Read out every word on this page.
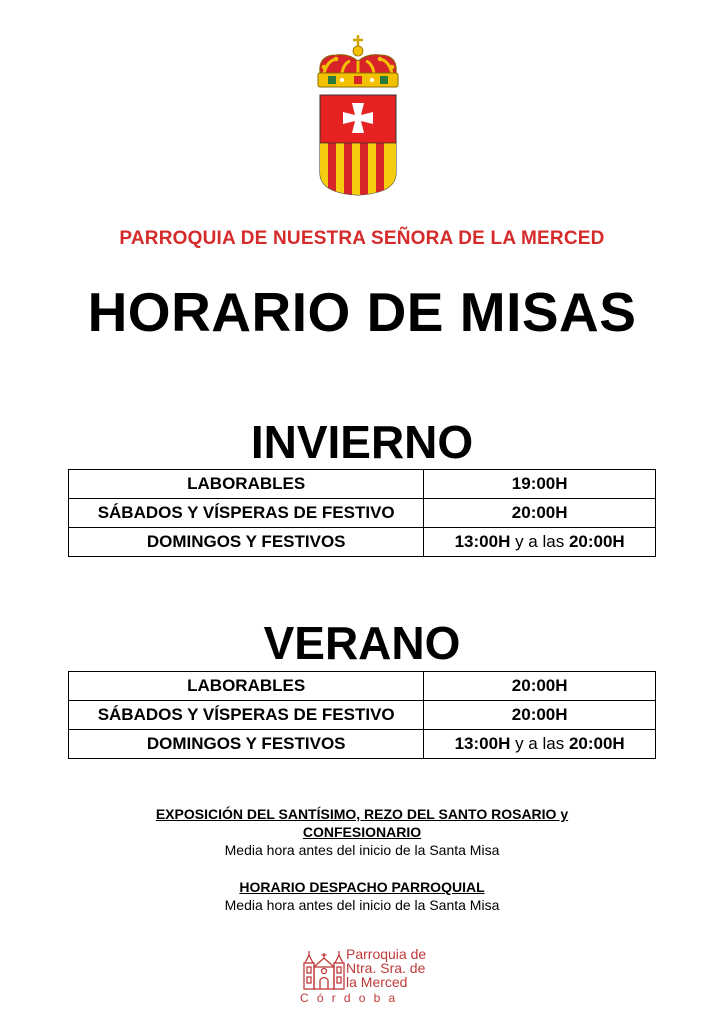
PARROQUIA DE NUESTRA SEÑORA DE LA MERCED
HORARIO DE MISAS
INVIERNO
LABORABLES	19:00H
SÁBADOS Y VÍSPERAS DE FESTIVO	20:00H
DOMINGOS Y FESTIVOS	13:00H y a las 20:00H
VERANO
LABORABLES	20:00H
SÁBADOS Y VÍSPERAS DE FESTIVO	20:00H
DOMINGOS Y FESTIVOS	13:00H y a las 20:00H
EXPOSICIÓN DEL SANTÍSIMO, REZO DEL SANTO ROSARIO y
CONFESIONARIO
Media hora antes del inicio de la Santa Misa
HORARIO DESPACHO PARROQUIAL
Media hora antes del inicio de la Santa Misa
Parroquia de
Ntra. Sra. de
la Merced
Córdoba
